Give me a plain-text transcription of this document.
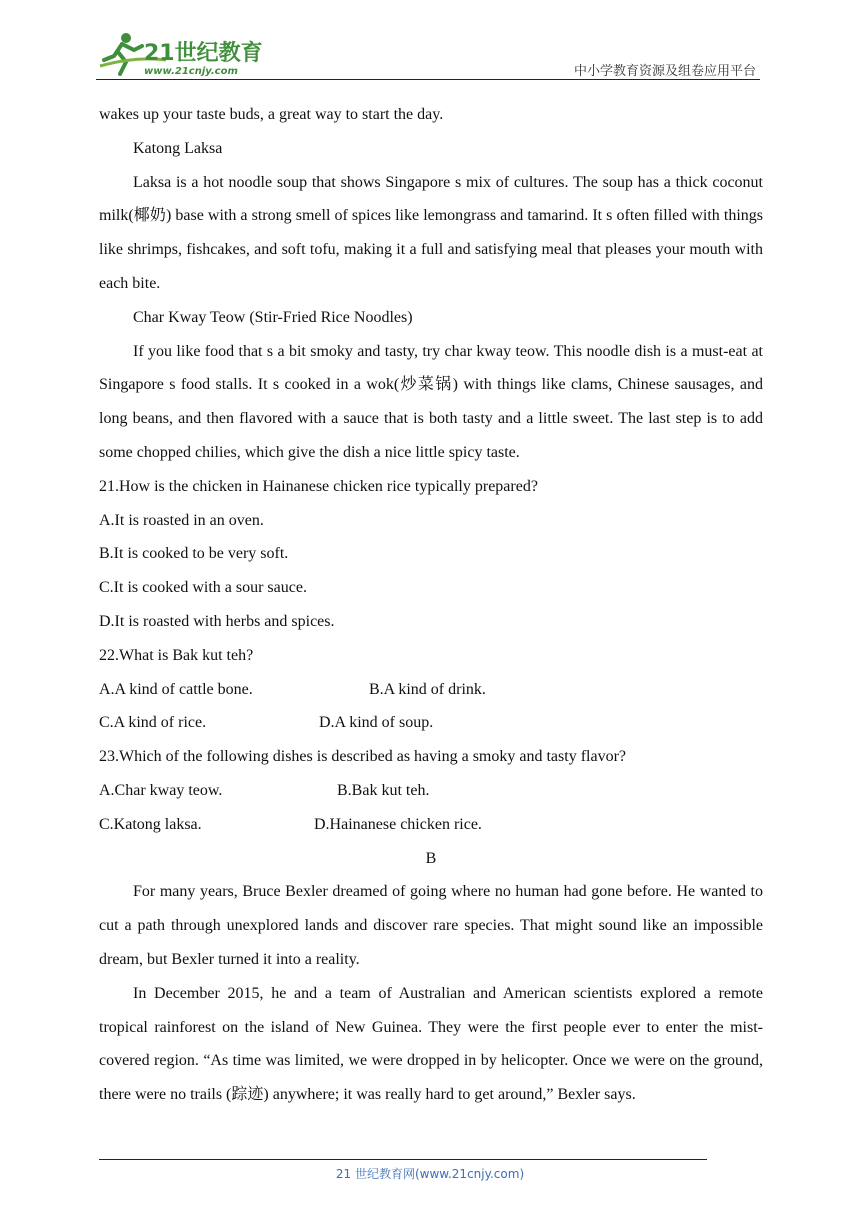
21世纪教育
www.21cnjy.com	中小学教育资源及组卷应用平台

wakes up your taste buds, a great way to start the day.

Katong Laksa

Laksa is a hot noodle soup that shows Singapore s mix of cultures. The soup has a thick coconut milk(椰奶) base with a strong smell of spices like lemongrass and tamarind. It s often filled with things like shrimps, fishcakes, and soft tofu, making it a full and satisfying meal that pleases your mouth with each bite.

Char Kway Teow (Stir-Fried Rice Noodles)

If you like food that s a bit smoky and tasty, try char kway teow. This noodle dish is a must-eat at Singapore s food stalls. It s cooked in a wok(炒菜锅) with things like clams, Chinese sausages, and long beans, and then flavored with a sauce that is both tasty and a little sweet. The last step is to add some chopped chilies, which give the dish a nice little spicy taste.

21.How is the chicken in Hainanese chicken rice typically prepared?

A.It is roasted in an oven.

B.It is cooked to be very soft.

C.It is cooked with a sour sauce.

D.It is roasted with herbs and spices.

22.What is Bak kut teh?

A.A kind of cattle bone.	B.A kind of drink.

C.A kind of rice.	D.A kind of soup.

23.Which of the following dishes is described as having a smoky and tasty flavor?

A.Char kway teow.	B.Bak kut teh.

C.Katong laksa.	D.Hainanese chicken rice.

B

For many years, Bruce Bexler dreamed of going where no human had gone before. He wanted to cut a path through unexplored lands and discover rare species. That might sound like an impossible dream, but Bexler turned it into a reality.

In December 2015, he and a team of Australian and American scientists explored a remote tropical rainforest on the island of New Guinea. They were the first people ever to enter the mist-covered region. “As time was limited, we were dropped in by helicopter. Once we were on the ground, there were no trails (踪迹) anywhere; it was really hard to get around,” Bexler says.

21 世纪教育网(www.21cnjy.com)
